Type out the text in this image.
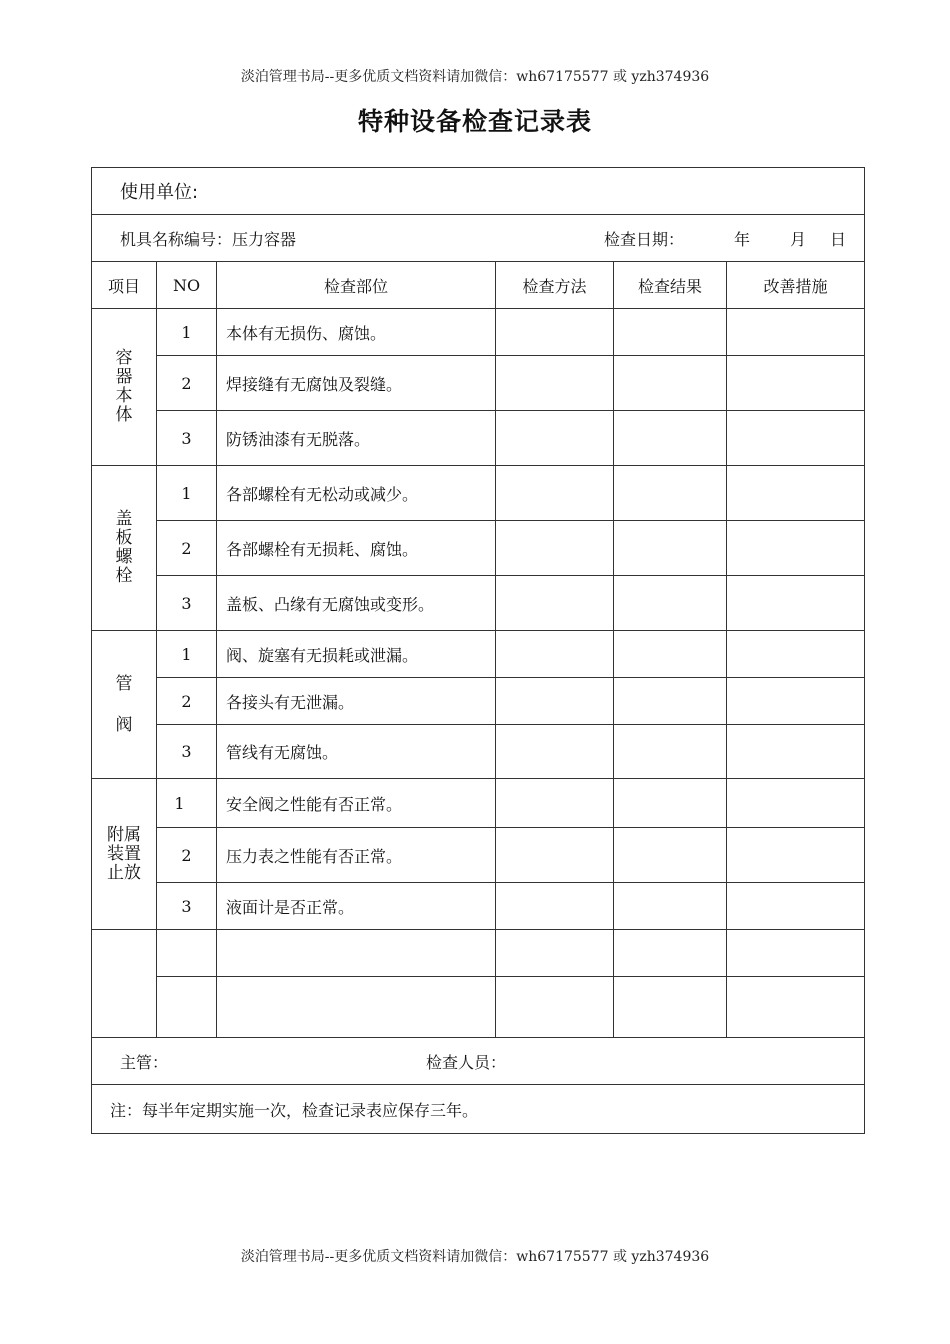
淡泊管理书局--更多优质文档资料请加微信：wh67175577 或 yzh374936
特种设备检查记录表
使用单位:					

机具名称编号：压力容器 检查日期： 年 月 日					

项目	NO	检查部位	检查方法	检查结果	改善措施
容器本体	1	本体有无损伤、腐蚀。			
	2	焊接缝有无腐蚀及裂缝。			
	3	防锈油漆有无脱落。			
盖板螺栓	1	各部螺栓有无松动或减少。			
	2	各部螺栓有无损耗、腐蚀。			
	3	盖板、凸缘有无腐蚀或变形。			
管阀	1	阀、旋塞有无损耗或泄漏。			
	2	各接头有无泄漏。			
	3	管线有无腐蚀。			
附属装置止放	1	安全阀之性能有否正常。			
	2	压力表之性能有否正常。			
	3	液面计是否正常。			

主管： 检查人员：					

注：每半年定期实施一次，检查记录表应保存三年。					
淡泊管理书局--更多优质文档资料请加微信：wh67175577 或 yzh374936
